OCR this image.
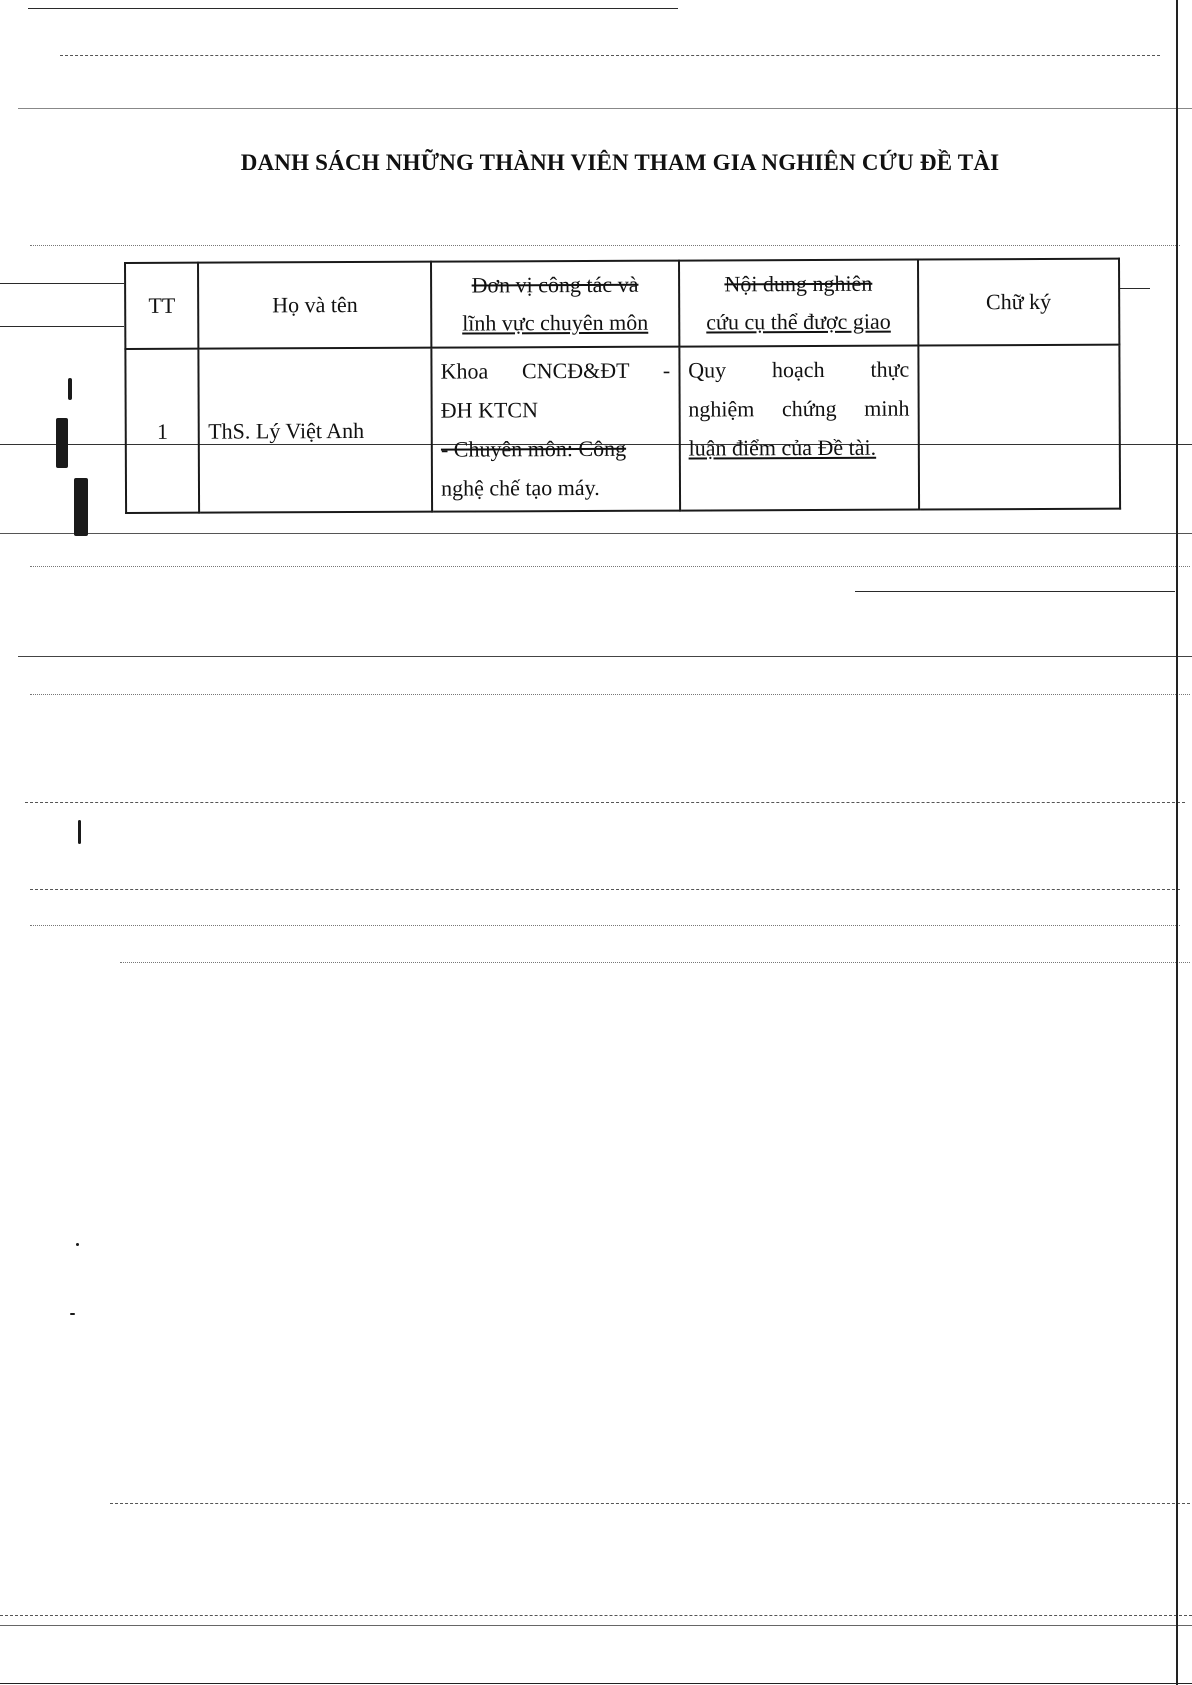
DANH SÁCH NHỮNG THÀNH VIÊN THAM GIA NGHIÊN CỨU ĐỀ TÀI
TT	Họ và tên	Đơn vị công tác và
lĩnh vực chuyên môn	Nội dung nghiên
cứu cụ thể được giao	Chữ ký
1	ThS. Lý Việt Anh	Khoa CNCĐ&ĐT -
ĐH KTCN
- Chuyên môn: Công
nghệ chế tạo máy.	Quy hoạch thực
nghiệm chứng minh
luận điểm của Đề tài.	
